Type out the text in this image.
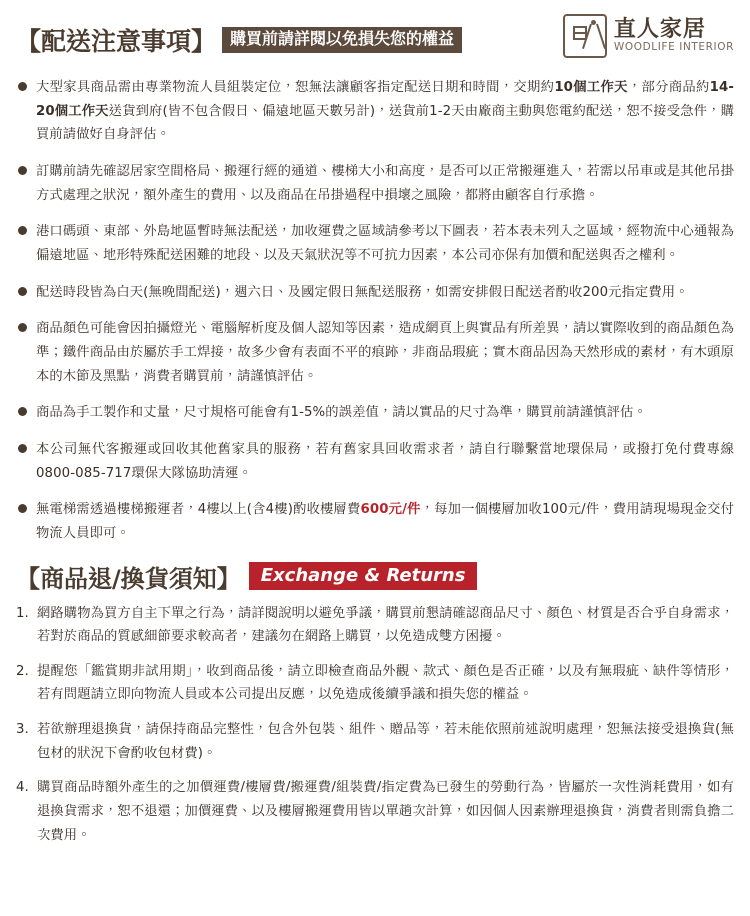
【配送注意事項】 購買前請詳閱以免損失您的權益	直人家居
WOODLIFE INTERIOR
大型家具商品需由專業物流人員組裝定位，恕無法讓顧客指定配送日期和時間，交期約10個工作天，部分商品約14-20個工作天送貨到府(皆不包含假日、偏遠地區天數另計)，送貨前1-2天由廠商主動與您電約配送，恕不接受急件，購買前請做好自身評估。
訂購前請先確認居家空間格局、搬運行經的通道、樓梯大小和高度，是否可以正常搬運進入，若需以吊車或是其他吊掛方式處理之狀況，額外產生的費用、以及商品在吊掛過程中損壞之風險，都將由顧客自行承擔。
港口碼頭、東部、外島地區暫時無法配送，加收運費之區域請參考以下圖表，若本表未列入之區域，經物流中心通報為偏遠地區、地形特殊配送困難的地段、以及天氣狀況等不可抗力因素，本公司亦保有加價和配送與否之權利。
配送時段皆為白天(無晚間配送)，週六日、及國定假日無配送服務，如需安排假日配送者酌收200元指定費用。
商品顏色可能會因拍攝燈光、電腦解析度及個人認知等因素，造成網頁上與實品有所差異，請以實際收到的商品顏色為準；鐵件商品由於屬於手工焊接，故多少會有表面不平的痕跡，非商品瑕疵；實木商品因為天然形成的素材，有木頭原本的木節及黑點，消費者購買前，請謹慎評估。
商品為手工製作和丈量，尺寸規格可能會有1-5%的誤差值，請以實品的尺寸為準，購買前請謹慎評估。
本公司無代客搬運或回收其他舊家具的服務，若有舊家具回收需求者，請自行聯繫當地環保局，或撥打免付費專線0800-085-717環保大隊協助清運。
無電梯需透過樓梯搬運者，4樓以上(含4樓)酌收樓層費600元/件，每加一個樓層加收100元/件，費用請現場現金交付物流人員即可。
【商品退/換貨須知】	Exchange & Returns
1. 網路購物為買方自主下單之行為，請詳閱說明以避免爭議，購買前懇請確認商品尺寸、顏色、材質是否合乎自身需求，若對於商品的質感細節要求較高者，建議勿在網路上購買，以免造成雙方困擾。
2. 提醒您「鑑賞期非試用期」，收到商品後，請立即檢查商品外觀、款式、顏色是否正確，以及有無瑕疵、缺件等情形，若有問題請立即向物流人員或本公司提出反應，以免造成後續爭議和損失您的權益。
3. 若欲辦理退換貨，請保持商品完整性，包含外包裝、組件、贈品等，若未能依照前述說明處理，恕無法接受退換貨(無包材的狀況下會酌收包材費)。
4. 購買商品時額外產生的之加價運費/樓層費/搬運費/組裝費/指定費為已發生的勞動行為，皆屬於一次性消耗費用，如有退換貨需求，恕不退還；加價運費、以及樓層搬運費用皆以單趟次計算，如因個人因素辦理退換貨，消費者則需負擔二次費用。
